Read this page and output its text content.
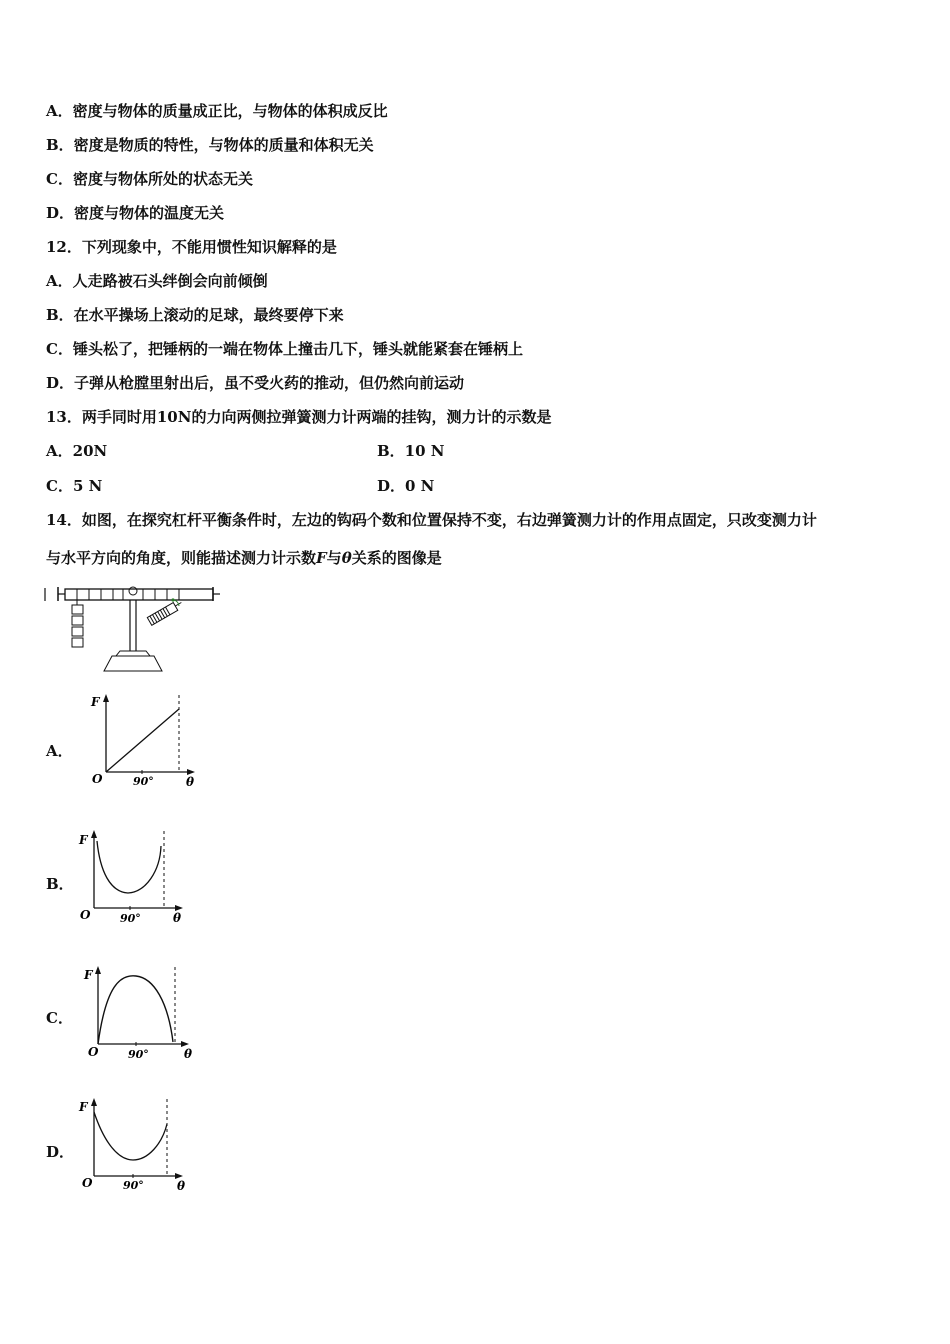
A．密度与物体的质量成正比，与物体的体积成反比
B．密度是物质的特性，与物体的质量和体积无关
C．密度与物体所处的状态无关
D．密度与物体的温度无关
12．下列现象中，不能用惯性知识解释的是
A．人走路被石头绊倒会向前倾倒
B．在水平操场上滚动的足球，最终要停下来
C．锤头松了，把锤柄的一端在物体上撞击几下，锤头就能紧套在锤柄上
D．子弹从枪膛里射出后，虽不受火药的推动，但仍然向前运动
13．两手同时用10N的力向两侧拉弹簧测力计两端的挂钩，测力计的示数是
A．20N	B．10 N
C．5 N	D．0 N
14．如图，在探究杠杆平衡条件时，左边的钩码个数和位置保持不变，右边弹簧测力计的作用点固定，只改变测力计
与水平方向的角度，则能描述测力计示数F与θ关系的图像是
A．
F
O	90°	θ
B．
F
O	90°	θ
C．
F
O	90°	θ
D．
F
O	90°	θ
